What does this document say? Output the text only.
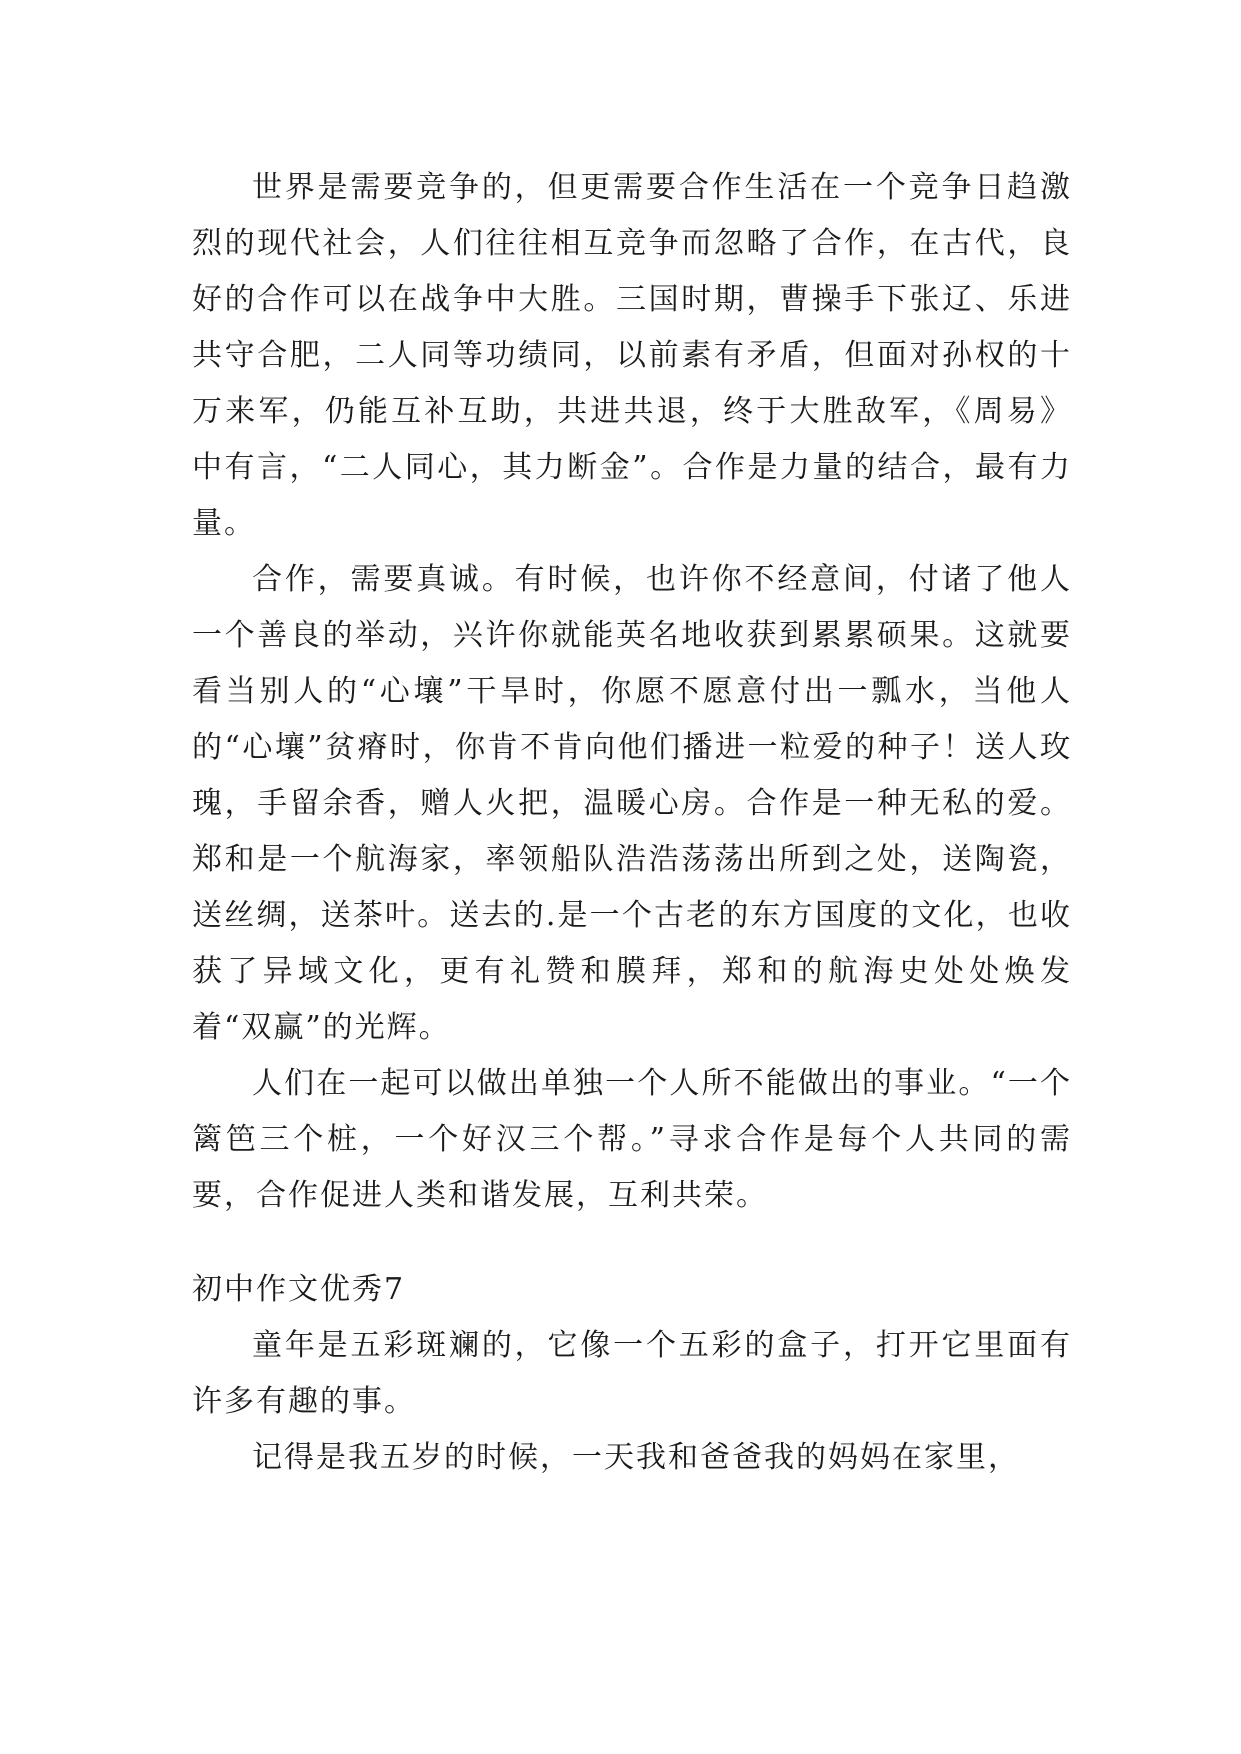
世界是需要竞争的，但更需要合作生活在一个竞争日趋激烈的现代社会，人们往往相互竞争而忽略了合作，在古代，良好的合作可以在战争中大胜。三国时期，曹操手下张辽、乐进共守合肥，二人同等功绩同，以前素有矛盾，但面对孙权的十万来军，仍能互补互助，共进共退，终于大胜敌军，《周易》中有言，“二人同心，其力断金”。合作是力量的结合，最有力量。

合作，需要真诚。有时候，也许你不经意间，付诸了他人一个善良的举动，兴许你就能英名地收获到累累硕果。这就要看当别人的“心壤”干旱时，你愿不愿意付出一瓢水，当他人的“心壤”贫瘠时，你肯不肯向他们播进一粒爱的种子！送人玫瑰，手留余香，赠人火把，温暖心房。合作是一种无私的爱。郑和是一个航海家，率领船队浩浩荡荡出所到之处，送陶瓷，送丝绸，送茶叶。送去的.是一个古老的东方国度的文化，也收获了异域文化，更有礼赞和膜拜，郑和的航海史处处焕发着“双赢”的光辉。

人们在一起可以做出单独一个人所不能做出的事业。“一个篱笆三个桩，一个好汉三个帮。”寻求合作是每个人共同的需要，合作促进人类和谐发展，互利共荣。

初中作文优秀7

童年是五彩斑斓的，它像一个五彩的盒子，打开它里面有许多有趣的事。

记得是我五岁的时候，一天我和爸爸我的妈妈在家里，
